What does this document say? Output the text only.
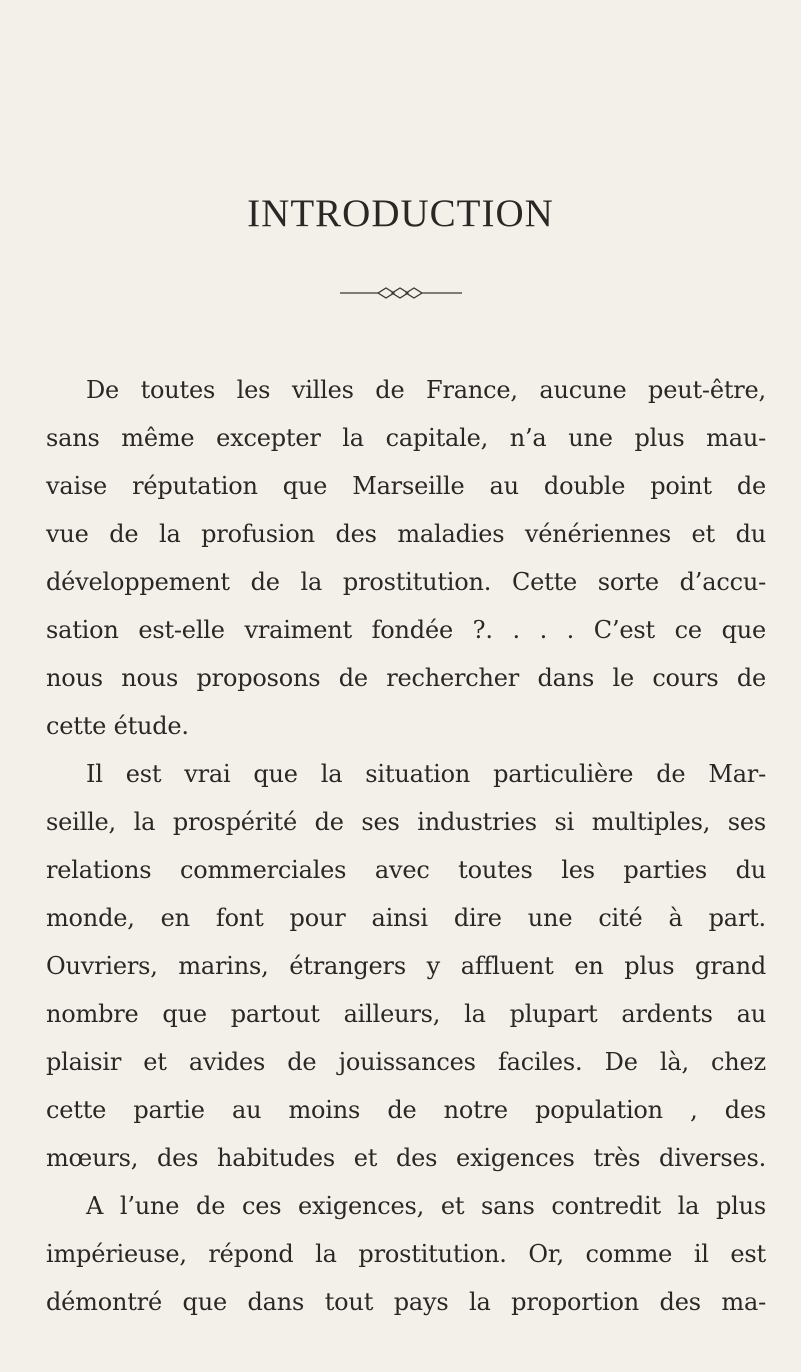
INTRODUCTION
De toutes les villes de France, aucune peut-être,
sans même excepter la capitale, n’a une plus mau-
vaise réputation que Marseille au double point de
vue de la profusion des maladies vénériennes et du
développement de la prostitution. Cette sorte d’accu-
sation est-elle vraiment fondée ?. . . . C’est ce que
nous nous proposons de rechercher dans le cours de
cette étude.
Il est vrai que la situation particulière de Mar-
seille, la prospérité de ses industries si multiples, ses
relations commerciales avec toutes les parties du
monde, en font pour ainsi dire une cité à part.
Ouvriers, marins, étrangers y affluent en plus grand
nombre que partout ailleurs, la plupart ardents au
plaisir et avides de jouissances faciles. De là, chez
cette partie au moins de notre population , des
mœurs, des habitudes et des exigences très diverses.
A l’une de ces exigences, et sans contredit la plus
impérieuse, répond la prostitution. Or, comme il est
démontré que dans tout pays la proportion des ma-
